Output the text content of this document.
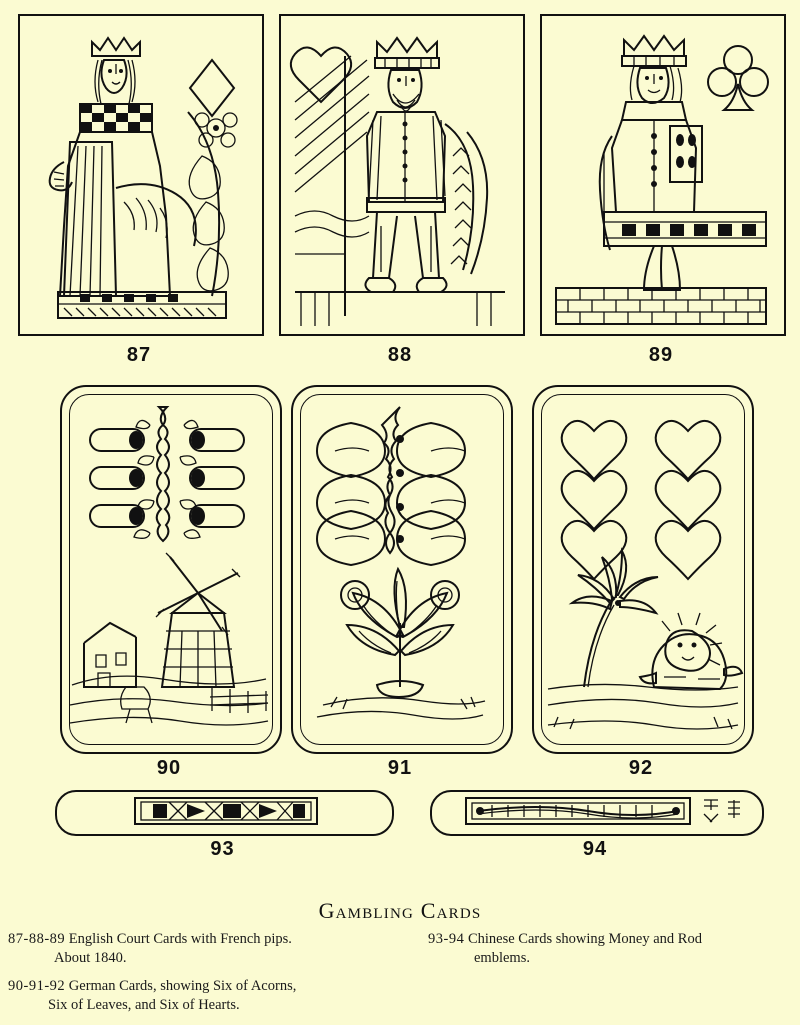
87	88	89
90	91	92
93	94
Gambling Cards
87-88-89 English Court Cards with French pips.
About 1840.
90-91-92 German Cards, showing Six of Acorns,
Six of Leaves, and Six of Hearts.
93-94 Chinese Cards showing Money and Rod
emblems.
